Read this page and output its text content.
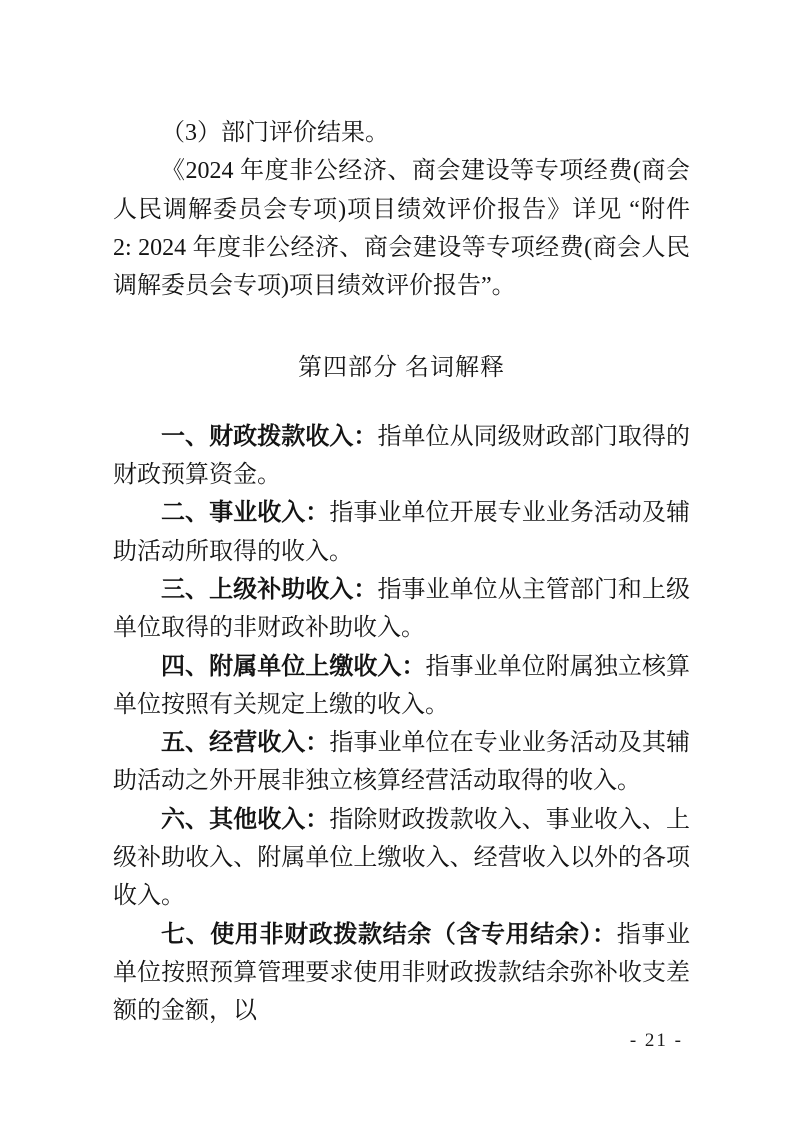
（3）部门评价结果。

《2024 年度非公经济、商会建设等专项经费(商会人民调解委员会专项)项目绩效评价报告》详见 “附件 2: 2024 年度非公经济、商会建设等专项经费(商会人民调解委员会专项)项目绩效评价报告”。

第四部分 名词解释

一、财政拨款收入：指单位从同级财政部门取得的财政预算资金。

二、事业收入：指事业单位开展专业业务活动及辅助活动所取得的收入。

三、上级补助收入：指事业单位从主管部门和上级单位取得的非财政补助收入。

四、附属单位上缴收入：指事业单位附属独立核算单位按照有关规定上缴的收入。

五、经营收入：指事业单位在专业业务活动及其辅助活动之外开展非独立核算经营活动取得的收入。

六、其他收入：指除财政拨款收入、事业收入、上级补助收入、附属单位上缴收入、经营收入以外的各项收入。

七、使用非财政拨款结余（含专用结余）：指事业单位按照预算管理要求使用非财政拨款结余弥补收支差额的金额，以

- 21 -
